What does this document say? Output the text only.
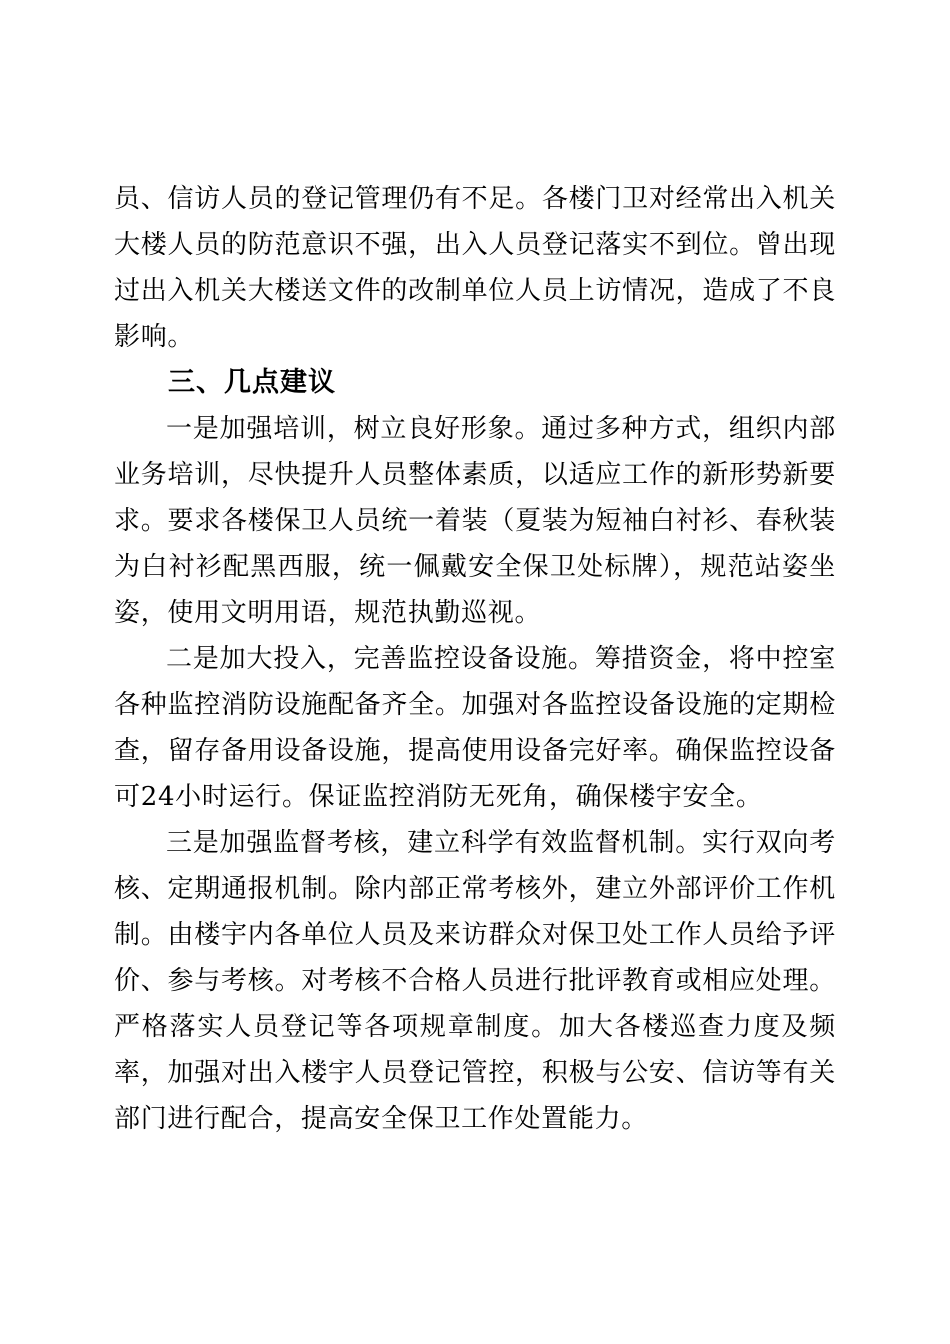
员、信访人员的登记管理仍有不足。各楼门卫对经常出入机关大楼人员的防范意识不强，出入人员登记落实不到位。曾出现过出入机关大楼送文件的改制单位人员上访情况，造成了不良影响。

三、几点建议

一是加强培训，树立良好形象。通过多种方式，组织内部业务培训，尽快提升人员整体素质，以适应工作的新形势新要求。要求各楼保卫人员统一着装（夏装为短袖白衬衫、春秋装为白衬衫配黑西服，统一佩戴安全保卫处标牌），规范站姿坐姿，使用文明用语，规范执勤巡视。

二是加大投入，完善监控设备设施。筹措资金，将中控室各种监控消防设施配备齐全。加强对各监控设备设施的定期检查，留存备用设备设施，提高使用设备完好率。确保监控设备可24小时运行。保证监控消防无死角，确保楼宇安全。

三是加强监督考核，建立科学有效监督机制。实行双向考核、定期通报机制。除内部正常考核外，建立外部评价工作机制。由楼宇内各单位人员及来访群众对保卫处工作人员给予评价、参与考核。对考核不合格人员进行批评教育或相应处理。严格落实人员登记等各项规章制度。加大各楼巡查力度及频率，加强对出入楼宇人员登记管控，积极与公安、信访等有关部门进行配合，提高安全保卫工作处置能力。
